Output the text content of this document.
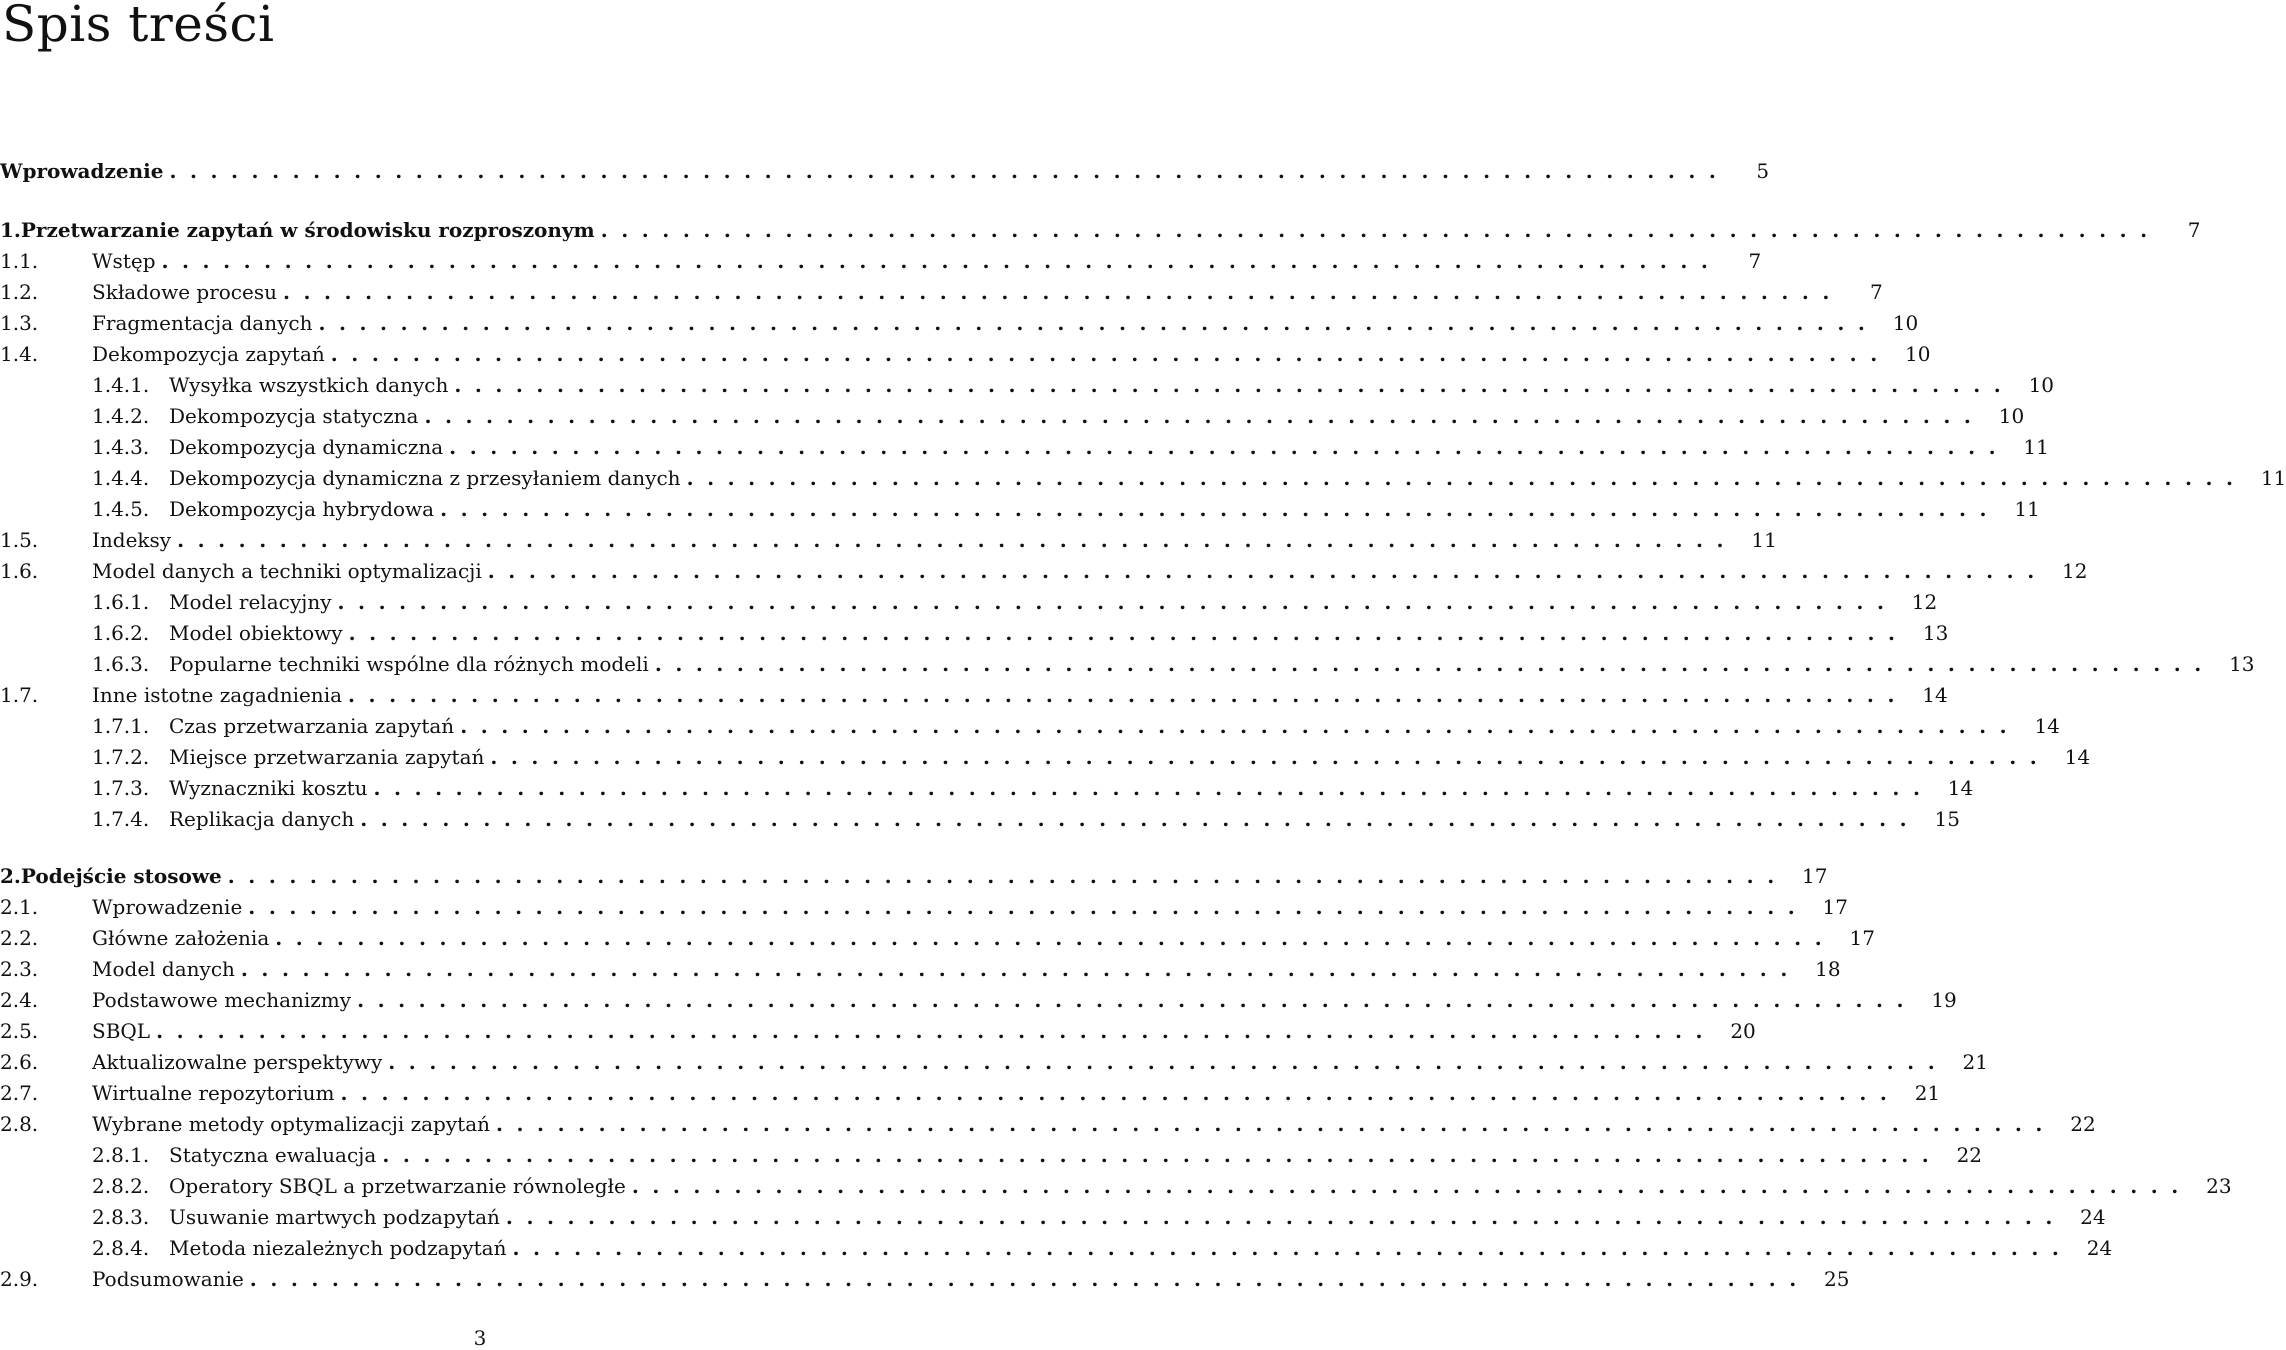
Spis treści
Wprowadzenie . . .	5
1. Przetwarzanie zapytań w środowisku rozproszonym . . .	7
1.1.	Wstęp . . .	7
1.2.	Składowe procesu . . .	7
1.3.	Fragmentacja danych . . .	10
1.4.	Dekompozycja zapytań . . .	10
1.4.1. Wysyłka wszystkich danych . . .	10
1.4.2. Dekompozycja statyczna . . .	10
1.4.3. Dekompozycja dynamiczna . . .	11
1.4.4. Dekompozycja dynamiczna z przesyłaniem danych . . .	11
1.4.5. Dekompozycja hybrydowa . . .	11
1.5.	Indeksy . . .	11
1.6.	Model danych a techniki optymalizacji . . .	12
1.6.1. Model relacyjny . . .	12
1.6.2. Model obiektowy . . .	13
1.6.3. Popularne techniki wspólne dla różnych modeli . . .	13
1.7.	Inne istotne zagadnienia . . .	14
1.7.1. Czas przetwarzania zapytań . . .	14
1.7.2. Miejsce przetwarzania zapytań . . .	14
1.7.3. Wyznaczniki kosztu . . .	14
1.7.4. Replikacja danych . . .	15
2. Podejście stosowe . . .	17
2.1.	Wprowadzenie . . .	17
2.2.	Główne założenia . . .	17
2.3.	Model danych . . .	18
2.4.	Podstawowe mechanizmy . . .	19
2.5.	SBQL . . .	20
2.6.	Aktualizowalne perspektywy . . .	21
2.7.	Wirtualne repozytorium . . .	21
2.8.	Wybrane metody optymalizacji zapytań . . .	22
2.8.1. Statyczna ewaluacja . . .	22
2.8.2. Operatory SBQL a przetwarzanie równoległe . . .	23
2.8.3. Usuwanie martwych podzapytań . . .	24
2.8.4. Metoda niezależnych podzapytań . . .	24
2.9.	Podsumowanie . . .	25
3
